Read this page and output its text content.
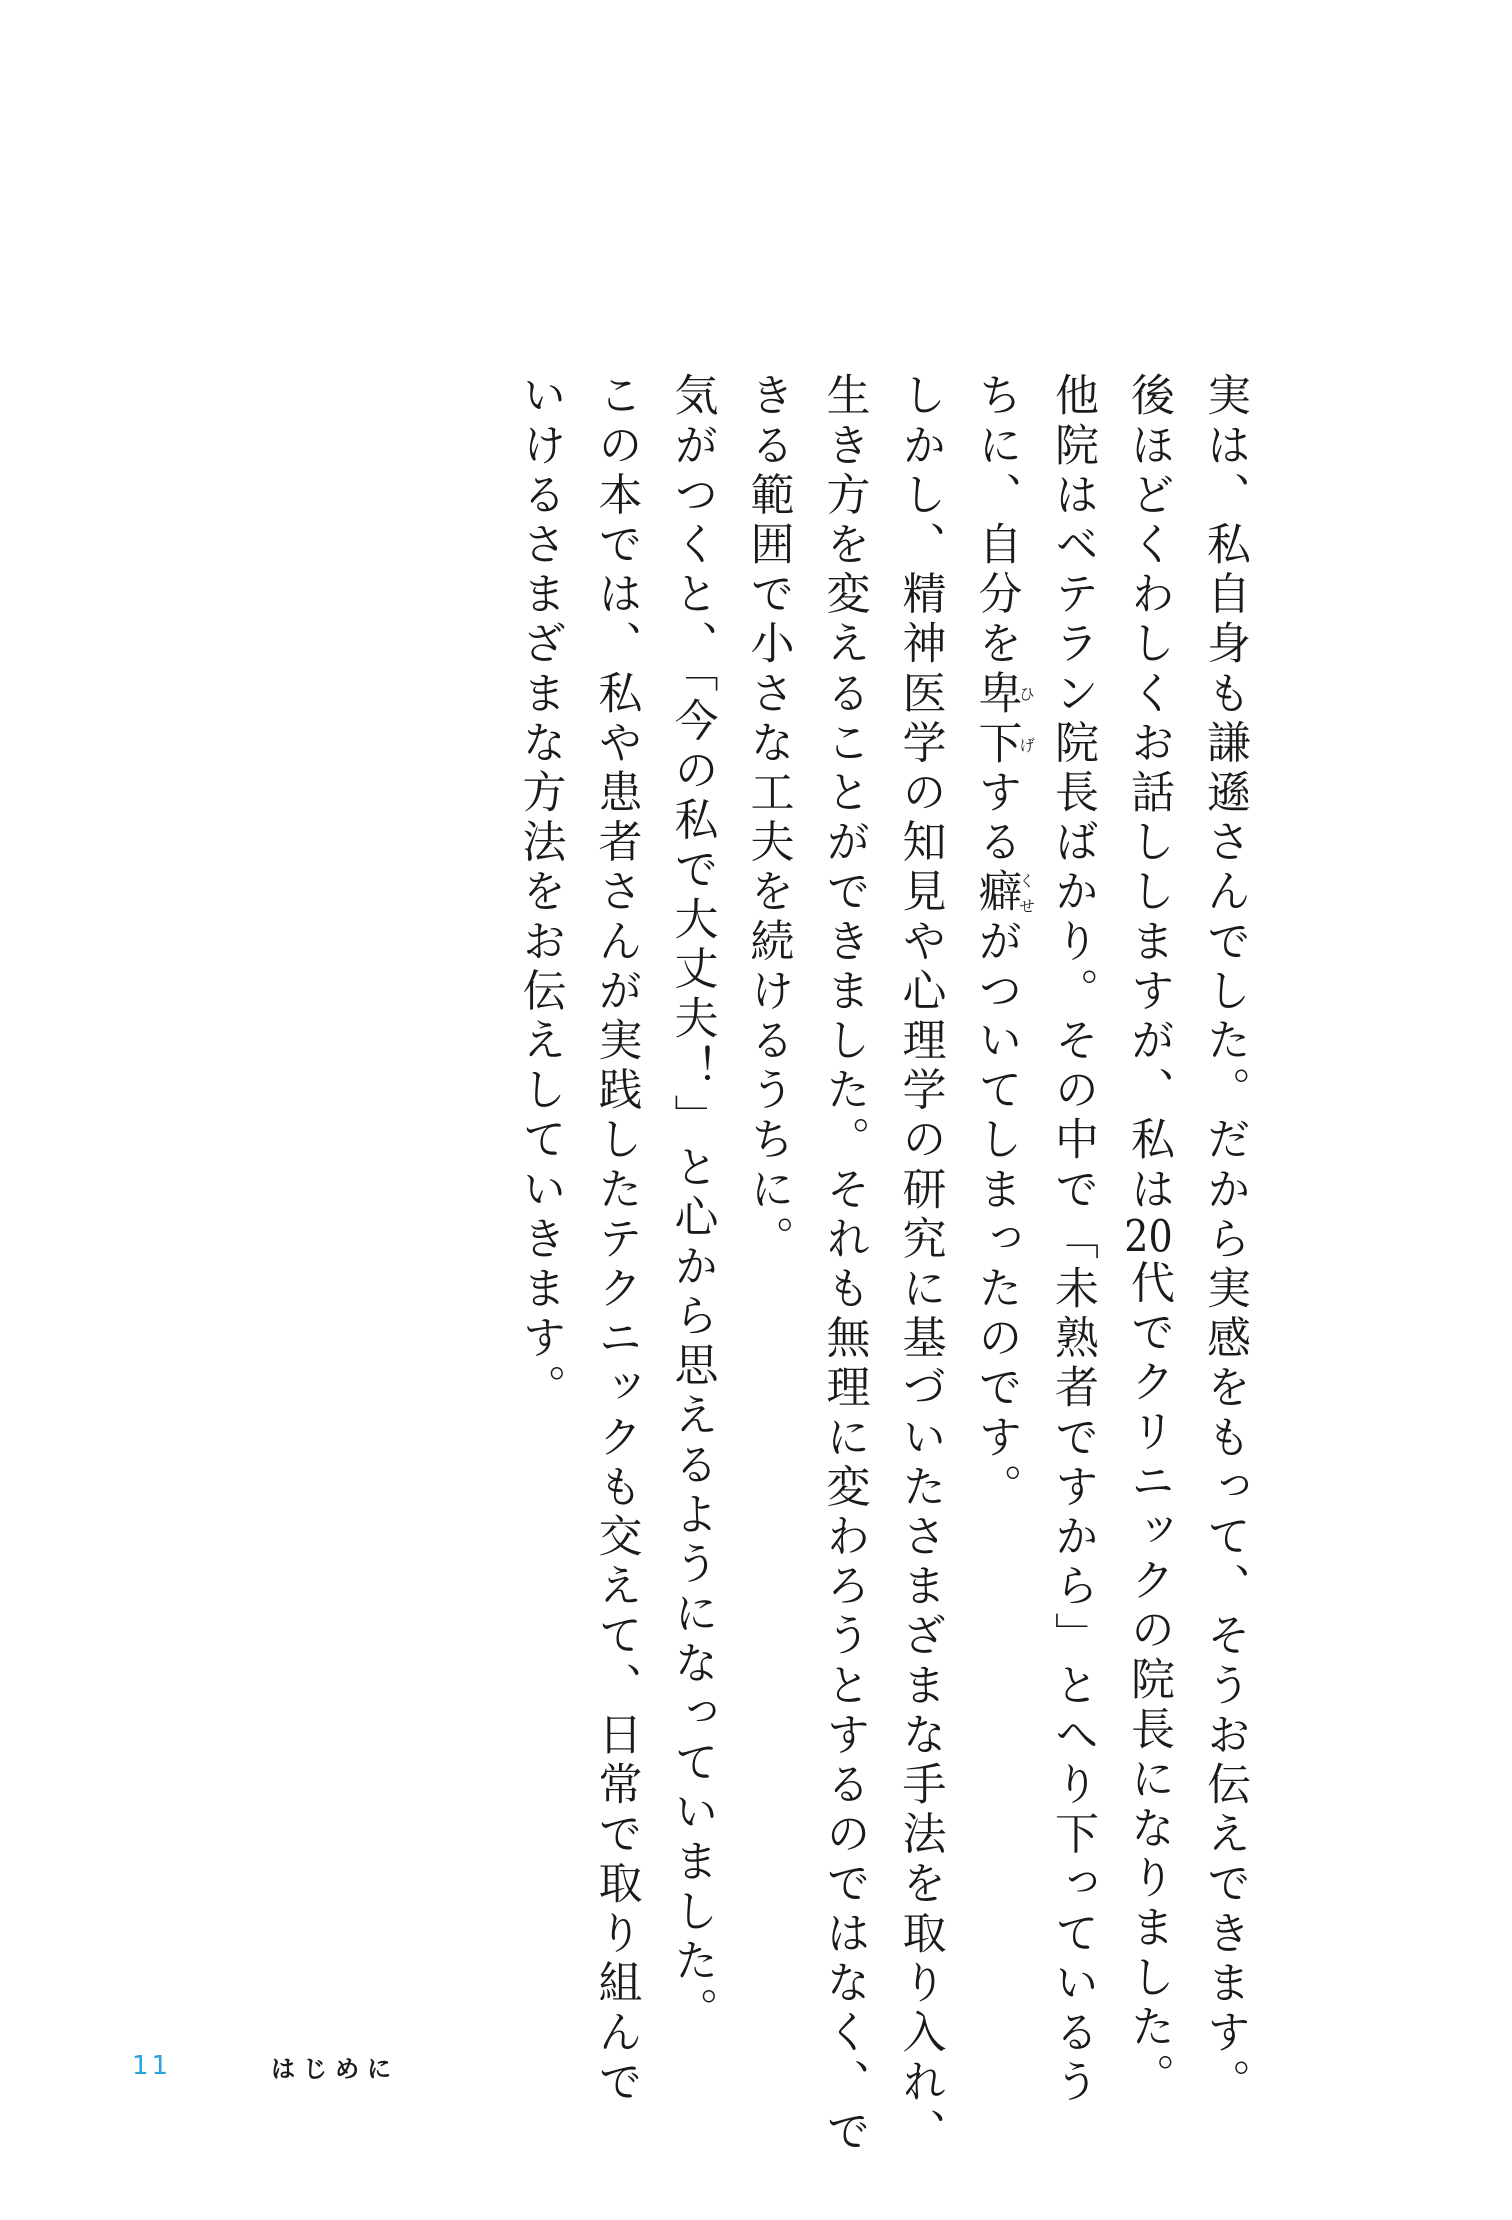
実は、私自身も謙遜さんでした。だから実感をもって、そうお伝えできます。
後ほどくわしくお話ししますが、私は20代でクリニックの院長になりました。
他院はベテラン院長ばかり。その中で「未熟者ですから」とへり下っているう
ちに、自分を卑下ひげする癖くせがついてしまったのです。
しかし、精神医学の知見や心理学の研究に基づいたさまざまな手法を取り入れ、
生き方を変えることができました。それも無理に変わろうとするのではなく、で
きる範囲で小さな工夫を続けるうちに。
気がつくと、「今の私で大丈夫！」と心から思えるようになっていました。
この本では、私や患者さんが実践したテクニックも交えて、日常で取り組んで
いけるさまざまな方法をお伝えしていきます。
11	はじめに
